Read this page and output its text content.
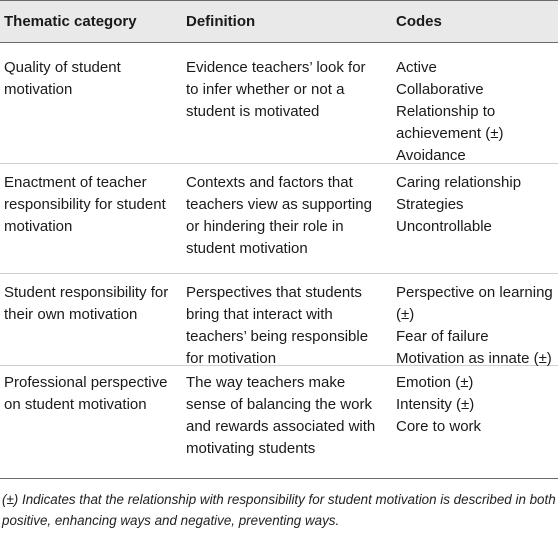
Thematic category	Definition	Codes
Quality of student motivation
Evidence teachers’ look for to infer whether or not a student is motivated
Active
Collaborative
Relationship to achievement (±)
Avoidance
Enactment of teacher responsibility for student motivation
Contexts and factors that teachers view as supporting or hindering their role in student motivation
Caring relationship
Strategies
Uncontrollable
Student responsibility for their own motivation
Perspectives that students bring that interact with teachers’ being responsible for motivation
Perspective on learning (±)
Fear of failure
Motivation as innate (±)
Professional perspective on student motivation
The way teachers make sense of balancing the work and rewards associated with motivating students
Emotion (±)
Intensity (±)
Core to work
(±) Indicates that the relationship with responsibility for student motivation is described in both positive, enhancing ways and negative, preventing ways.
